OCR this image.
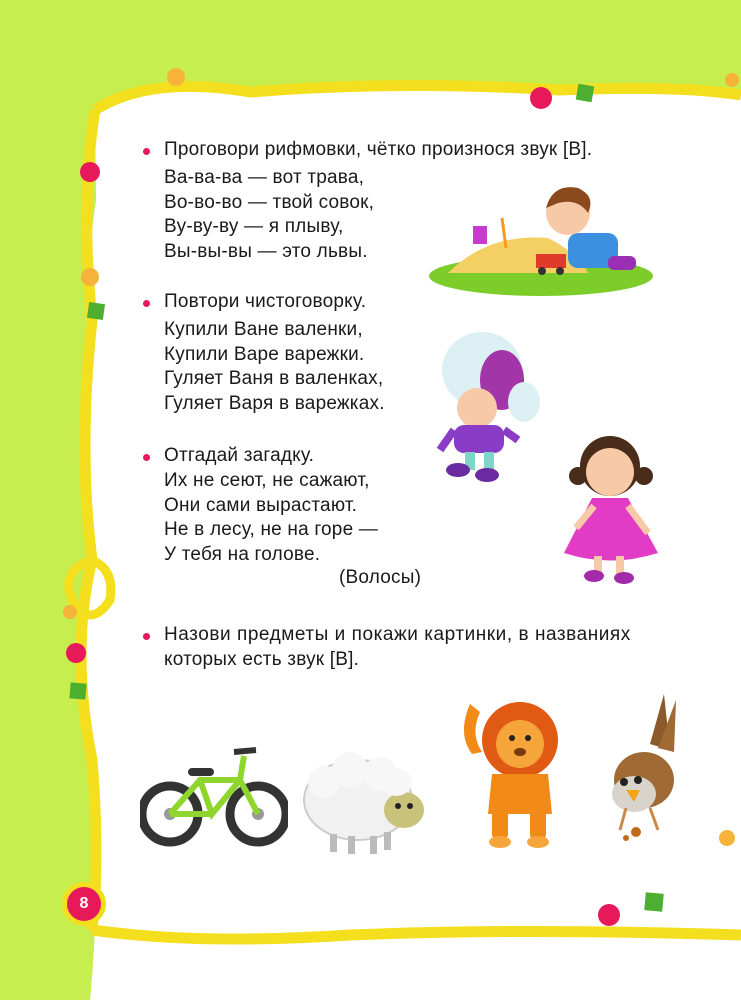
Проговори рифмовки, чётко произнося звук [В].
Ва-ва-ва — вот трава,
Во-во-во — твой совок,
Ву-ву-ву — я плыву,
Вы-вы-вы — это львы.
Повтори чистоговорку.
Купили Ване валенки,
Купили Варе варежки.
Гуляет Ваня в валенках,
Гуляет Варя в варежках.
Отгадай загадку.
Их не сеют, не сажают,
Они сами вырастают.
Не в лесу, не на горе —
У тебя на голове.
(Волосы)
Назови предметы и покажи картинки, в названиях
которых есть звук [В].
8
